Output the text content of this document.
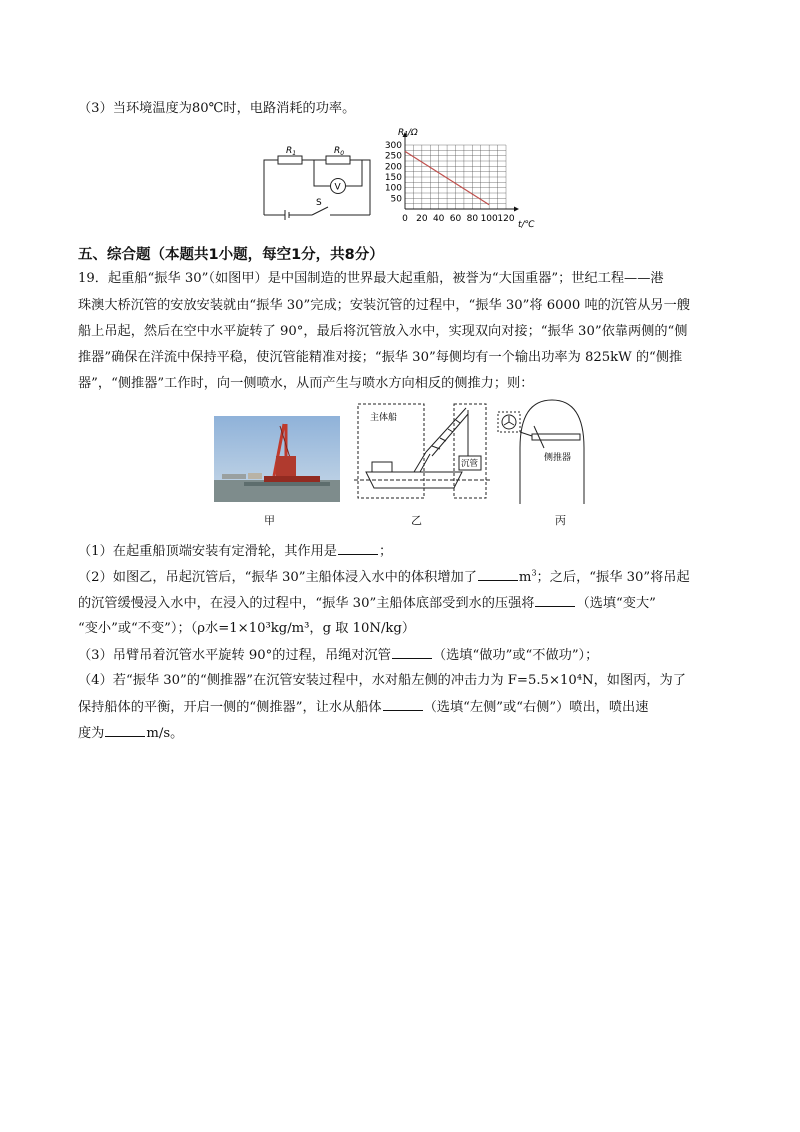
（3）当环境温度为80℃时，电路消耗的功率。
$R_1$	$R_0$
V
S
0 20 40 60 80 100 120
300
250
200
150
100
50
R₁/Ω
t/℃
五、综合题（本题共1小题，每空1分，共8分）
19．起重船“振华 30”（如图甲）是中国制造的世界最大起重船，被誉为“大国重器”；世纪工程——港
珠澳大桥沉管的安放安装就由“振华 30”完成；安装沉管的过程中，“振华 30”将 6000 吨的沉管从另一艘
船上吊起，然后在空中水平旋转了 90°，最后将沉管放入水中，实现双向对接；“振华 30”依靠两侧的“侧
推器”确保在洋流中保持平稳，使沉管能精准对接；“振华 30”每侧均有一个输出功率为 825kW 的“侧推
器”，“侧推器”工作时，向一侧喷水，从而产生与喷水方向相反的侧推力；则：
甲
主体船
沉管
乙
侧推器
丙
（1）在起重船顶端安装有定滑轮，其作用是	；
（2）如图乙，吊起沉管后，“振华 30”主船体浸入水中的体积增加了	$m^3$；之后，“振华 30”将吊起
的沉管缓慢浸入水中，在浸入的过程中，“振华 30”主船体底部受到水的压强将	（选填“变大”
“变小”或“不变”）；（ρ水=1×10³kg/m³，g 取 10N/kg）
（3）吊臂吊着沉管水平旋转 90°的过程，吊绳对沉管	（选填“做功”或“不做功”）；
（4）若“振华 30”的“侧推器”在沉管安装过程中，水对船左侧的冲击力为 F=5.5×10⁴N，如图丙，为了
保持船体的平衡，开启一侧的“侧推器”，让水从船体	（选填“左侧”或“右侧”）喷出，喷出速
度为	m/s。
